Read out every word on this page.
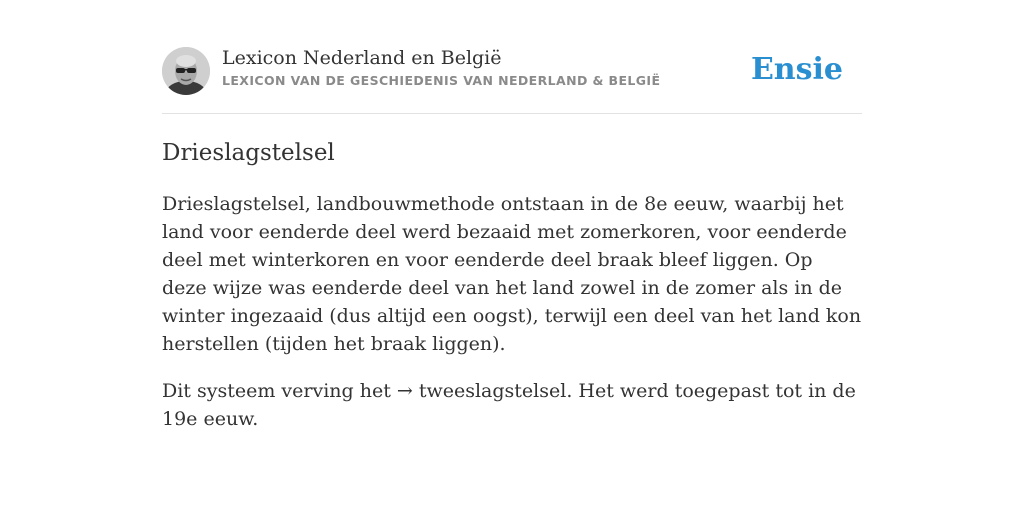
Lexicon Nederland en België
LEXICON VAN DE GESCHIEDENIS VAN NEDERLAND & BELGIË	Ensie
Drieslagstelsel

Drieslagstelsel, landbouwmethode ontstaan in de 8e eeuw, waarbij het land voor eenderde deel werd bezaaid met zomerkoren, voor eenderde deel met winterkoren en voor eenderde deel braak bleef liggen. Op deze wijze was eenderde deel van het land zowel in de zomer als in de winter ingezaaid (dus altijd een oogst), terwijl een deel van het land kon herstellen (tijden het braak liggen).

Dit systeem verving het → tweeslagstelsel. Het werd toegepast tot in de 19e eeuw.
